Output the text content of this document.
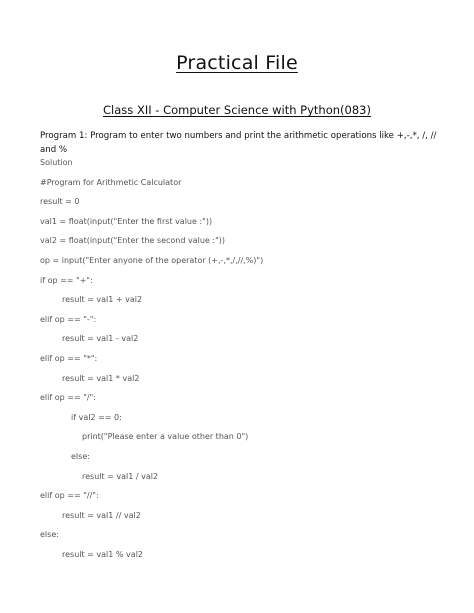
Practical File
Class XII - Computer Science with Python(083)
Program 1: Program to enter two numbers and print the arithmetic operations like +,-,*, /, // and %
Solution
#Program for Arithmetic Calculator
result = 0
val1 = float(input("Enter the first value :"))
val2 = float(input("Enter the second value :"))
op = input("Enter anyone of the operator (+,-,*,/,//,%)")
if op == "+":
result = val1 + val2
elif op == "-":
result = val1 - val2
elif op == "*":
result = val1 * val2
elif op == "/":
if val2 == 0:
print("Please enter a value other than 0")
else:
result = val1 / val2
elif op == "//":
result = val1 // val2
else:
result = val1 % val2
